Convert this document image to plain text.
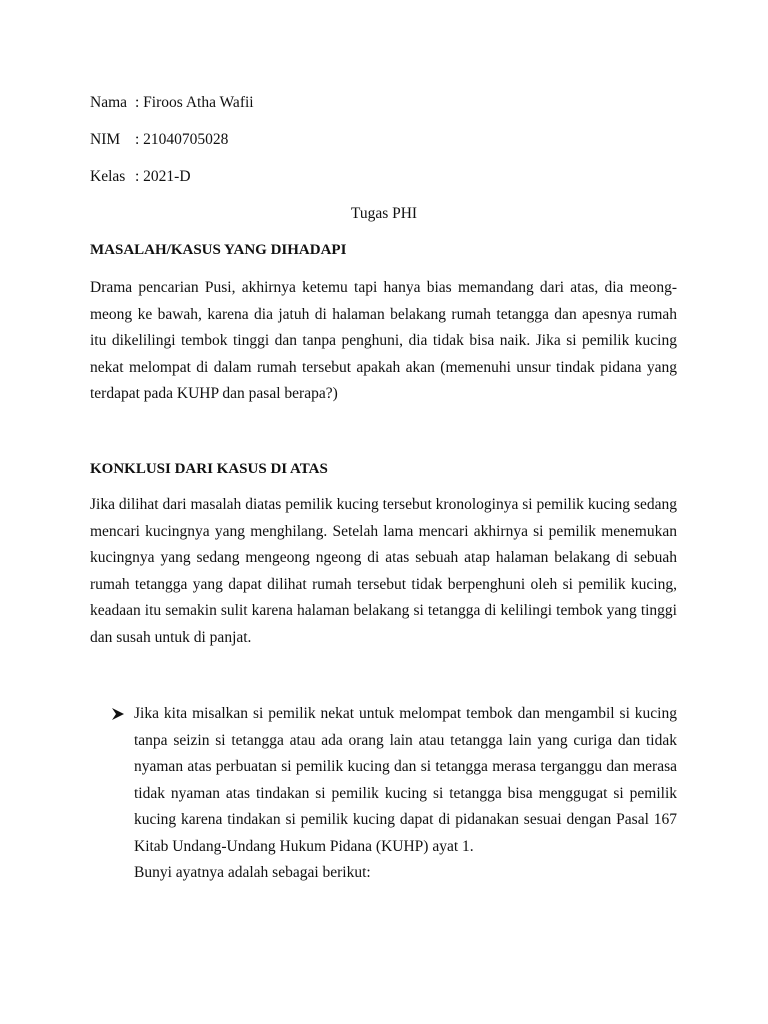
Nama : Firoos Atha Wafii
NIM : 21040705028
Kelas : 2021-D
Tugas PHI
MASALAH/KASUS YANG DIHADAPI

Drama pencarian Pusi, akhirnya ketemu tapi hanya bias memandang dari atas, dia meong-meong ke bawah, karena dia jatuh di halaman belakang rumah tetangga dan apesnya rumah itu dikelilingi tembok tinggi dan tanpa penghuni, dia tidak bisa naik. Jika si pemilik kucing nekat melompat di dalam rumah tersebut apakah akan (memenuhi unsur tindak pidana yang terdapat pada KUHP dan pasal berapa?)

KONKLUSI DARI KASUS DI ATAS

Jika dilihat dari masalah diatas pemilik kucing tersebut kronologinya si pemilik kucing sedang mencari kucingnya yang menghilang. Setelah lama mencari akhirnya si pemilik menemukan kucingnya yang sedang mengeong ngeong di atas sebuah atap halaman belakang di sebuah rumah tetangga yang dapat dilihat rumah tersebut tidak berpenghuni oleh si pemilik kucing, keadaan itu semakin sulit karena halaman belakang si tetangga di kelilingi tembok yang tinggi dan susah untuk di panjat.

Jika kita misalkan si pemilik nekat untuk melompat tembok dan mengambil si kucing tanpa seizin si tetangga atau ada orang lain atau tetangga lain yang curiga dan tidak nyaman atas perbuatan si pemilik kucing dan si tetangga merasa terganggu dan merasa tidak nyaman atas tindakan si pemilik kucing si tetangga bisa menggugat si pemilik kucing karena tindakan si pemilik kucing dapat di pidanakan sesuai dengan Pasal 167 Kitab Undang-Undang Hukum Pidana (KUHP) ayat 1.

Bunyi ayatnya adalah sebagai berikut:
